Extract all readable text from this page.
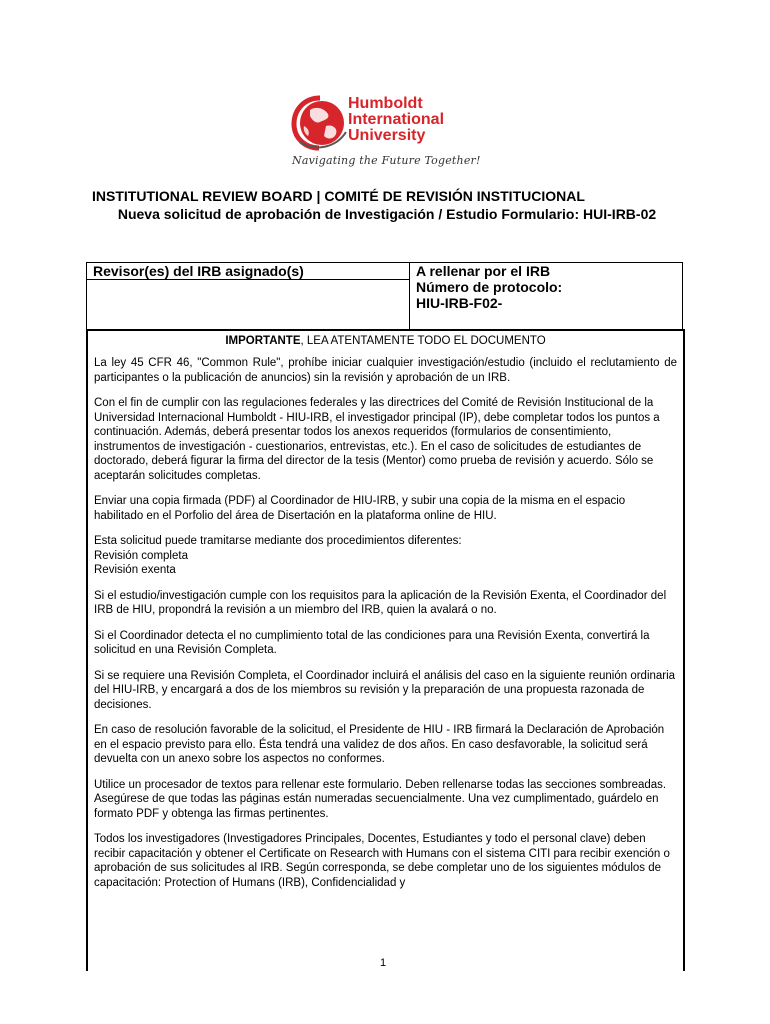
Humboldt
International
University
Navigating the Future Together!
INSTITUTIONAL REVIEW BOARD | COMITÉ DE REVISIÓN INSTITUCIONAL
Nueva solicitud de aprobación de Investigación / Estudio Formulario: HUI-IRB-02
Revisor(es) del IRB asignado(s)	A rellenar por el IRB
Número de protocolo:
HIU-IRB-F02-

IMPORTANTE, LEA ATENTAMENTE TODO EL DOCUMENTO

La ley 45 CFR 46, "Common Rule", prohíbe iniciar cualquier investigación/estudio (incluido el reclutamiento de participantes o la publicación de anuncios) sin la revisión y aprobación de un IRB.

Con el fin de cumplir con las regulaciones federales y las directrices del Comité de Revisión Institucional de la Universidad Internacional Humboldt - HIU-IRB, el investigador principal (IP), debe completar todos los puntos a continuación. Además, deberá presentar todos los anexos requeridos (formularios de consentimiento, instrumentos de investigación - cuestionarios, entrevistas, etc.). En el caso de solicitudes de estudiantes de doctorado, deberá figurar la firma del director de la tesis (Mentor) como prueba de revisión y acuerdo. Sólo se aceptarán solicitudes completas.

Enviar una copia firmada (PDF) al Coordinador de HIU-IRB, y subir una copia de la misma en el espacio habilitado en el Porfolio del área de Disertación en la plataforma online de HIU.

Esta solicitud puede tramitarse mediante dos procedimientos diferentes:

Revisión completa

Revisión exenta

Si el estudio/investigación cumple con los requisitos para la aplicación de la Revisión Exenta, el Coordinador del IRB de HIU, propondrá la revisión a un miembro del IRB, quien la avalará o no.

Si el Coordinador detecta el no cumplimiento total de las condiciones para una Revisión Exenta, convertirá la solicitud en una Revisión Completa.

Si se requiere una Revisión Completa, el Coordinador incluirá el análisis del caso en la siguiente reunión ordinaria del HIU-IRB, y encargará a dos de los miembros su revisión y la preparación de una propuesta razonada de decisiones.

En caso de resolución favorable de la solicitud, el Presidente de HIU - IRB firmará la Declaración de Aprobación en el espacio previsto para ello. Ésta tendrá una validez de dos años. En caso desfavorable, la solicitud será devuelta con un anexo sobre los aspectos no conformes.

Utilice un procesador de textos para rellenar este formulario. Deben rellenarse todas las secciones sombreadas. Asegúrese de que todas las páginas están numeradas secuencialmente. Una vez cumplimentado, guárdelo en formato PDF y obtenga las firmas pertinentes.

Todos los investigadores (Investigadores Principales, Docentes, Estudiantes y todo el personal clave) deben recibir capacitación y obtener el Certificate on Research with Humans con el sistema CITI para recibir exención o aprobación de sus solicitudes al IRB. Según corresponda, se debe completar uno de los siguientes módulos de capacitación: Protection of Humans (IRB), Confidencialidad y

1
